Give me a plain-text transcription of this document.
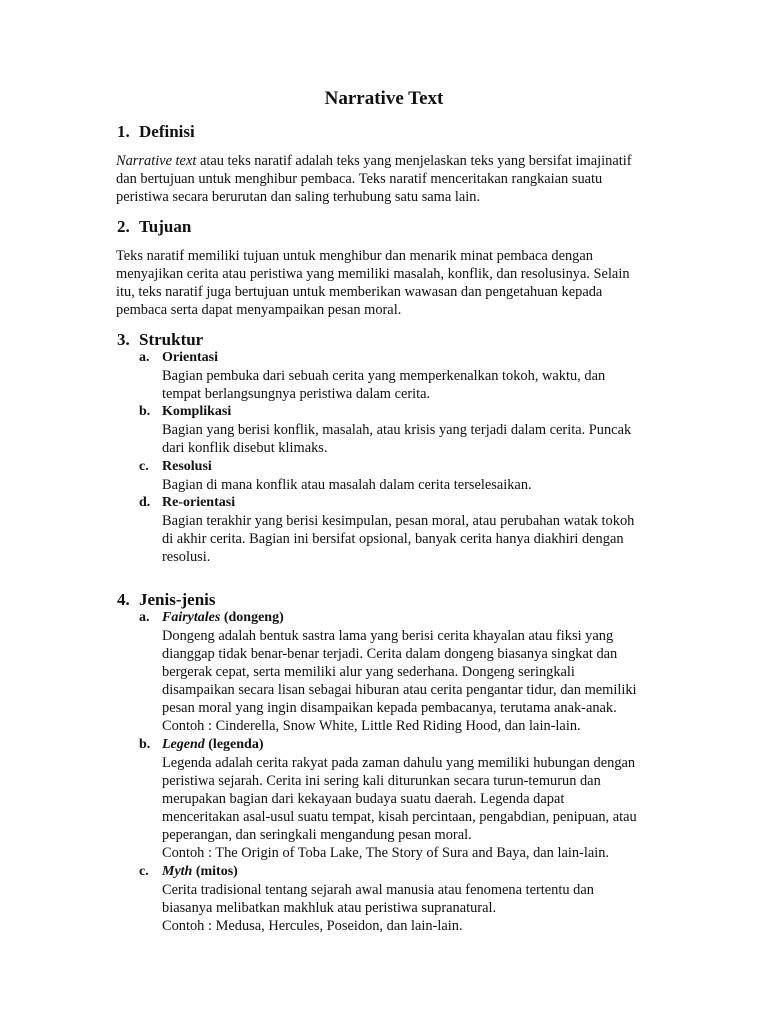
Narrative Text
1. Definisi
Narrative text atau teks naratif adalah teks yang menjelaskan teks yang bersifat imajinatif
dan bertujuan untuk menghibur pembaca. Teks naratif menceritakan rangkaian suatu
peristiwa secara berurutan dan saling terhubung satu sama lain.
2. Tujuan
Teks naratif memiliki tujuan untuk menghibur dan menarik minat pembaca dengan
menyajikan cerita atau peristiwa yang memiliki masalah, konflik, dan resolusinya. Selain
itu, teks naratif juga bertujuan untuk memberikan wawasan dan pengetahuan kepada
pembaca serta dapat menyampaikan pesan moral.
3. Struktur
a. Orientasi
Bagian pembuka dari sebuah cerita yang memperkenalkan tokoh, waktu, dan
tempat berlangsungnya peristiwa dalam cerita.
b. Komplikasi
Bagian yang berisi konflik, masalah, atau krisis yang terjadi dalam cerita. Puncak
dari konflik disebut klimaks.
c. Resolusi
Bagian di mana konflik atau masalah dalam cerita terselesaikan.
d. Re-orientasi
Bagian terakhir yang berisi kesimpulan, pesan moral, atau perubahan watak tokoh
di akhir cerita. Bagian ini bersifat opsional, banyak cerita hanya diakhiri dengan
resolusi.
4. Jenis-jenis
a. Fairytales (dongeng)
Dongeng adalah bentuk sastra lama yang berisi cerita khayalan atau fiksi yang
dianggap tidak benar-benar terjadi. Cerita dalam dongeng biasanya singkat dan
bergerak cepat, serta memiliki alur yang sederhana. Dongeng seringkali
disampaikan secara lisan sebagai hiburan atau cerita pengantar tidur, dan memiliki
pesan moral yang ingin disampaikan kepada pembacanya, terutama anak-anak.
Contoh : Cinderella, Snow White, Little Red Riding Hood, dan lain-lain.
b. Legend (legenda)
Legenda adalah cerita rakyat pada zaman dahulu yang memiliki hubungan dengan
peristiwa sejarah. Cerita ini sering kali diturunkan secara turun-temurun dan
merupakan bagian dari kekayaan budaya suatu daerah. Legenda dapat
menceritakan asal-usul suatu tempat, kisah percintaan, pengabdian, penipuan, atau
peperangan, dan seringkali mengandung pesan moral.
Contoh : The Origin of Toba Lake, The Story of Sura and Baya, dan lain-lain.
c. Myth (mitos)
Cerita tradisional tentang sejarah awal manusia atau fenomena tertentu dan
biasanya melibatkan makhluk atau peristiwa supranatural.
Contoh : Medusa, Hercules, Poseidon, dan lain-lain.
